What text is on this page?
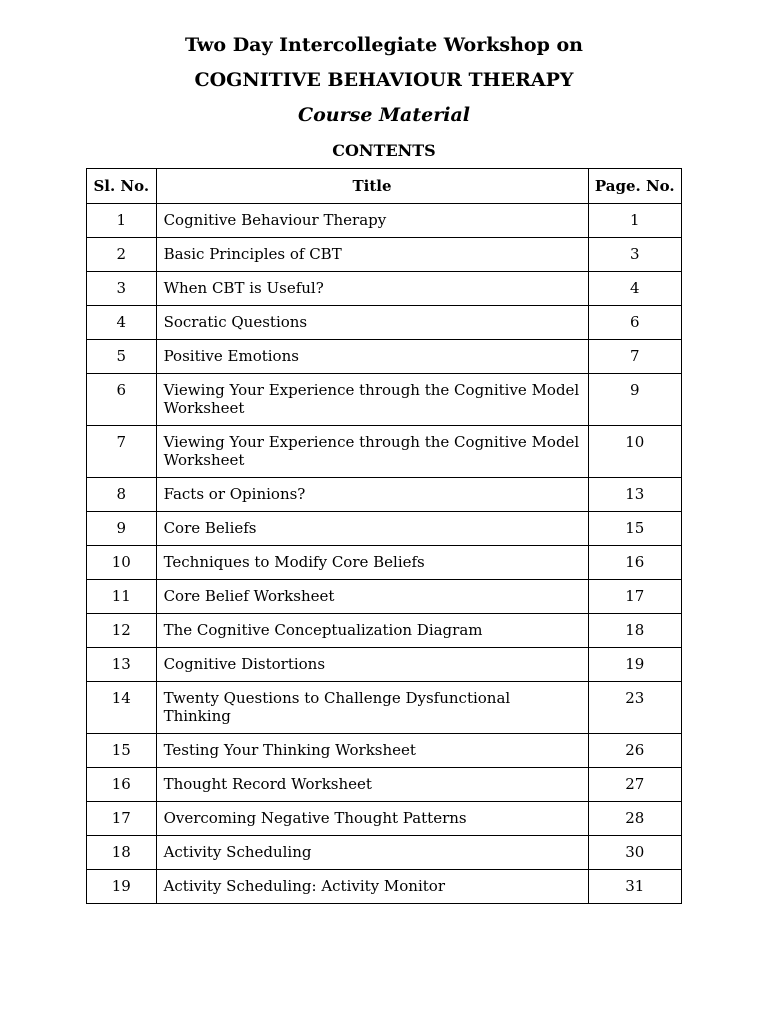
Two Day Intercollegiate Workshop on
COGNITIVE BEHAVIOUR THERAPY
Course Material
CONTENTS
Sl. No.	Title	Page. No.
1	Cognitive Behaviour Therapy	1
2	Basic Principles of CBT	3
3	When CBT is Useful?	4
4	Socratic Questions	6
5	Positive Emotions	7
6	Viewing Your Experience through the Cognitive Model Worksheet	9
7	Viewing Your Experience through the Cognitive Model Worksheet	10
8	Facts or Opinions?	13
9	Core Beliefs	15
10	Techniques to Modify Core Beliefs	16
11	Core Belief Worksheet	17
12	The Cognitive Conceptualization Diagram	18
13	Cognitive Distortions	19
14	Twenty Questions to Challenge Dysfunctional Thinking	23
15	Testing Your Thinking Worksheet	26
16	Thought Record Worksheet	27
17	Overcoming Negative Thought Patterns	28
18	Activity Scheduling	30
19	Activity Scheduling: Activity Monitor	31
